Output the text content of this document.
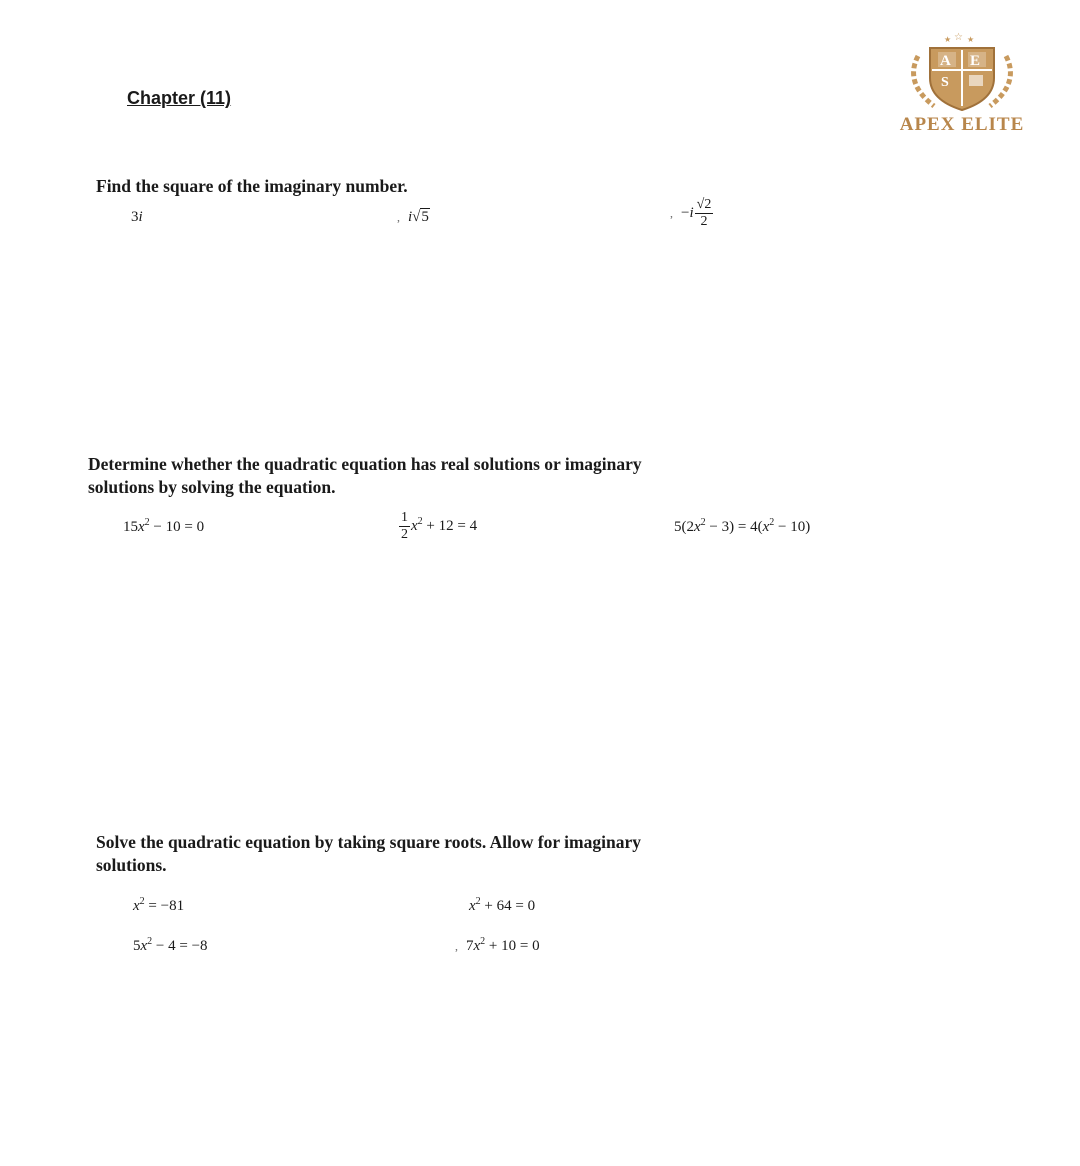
Chapter (11)
★ ☆ ★
A E
S
APEX ELITE
Find the square of the imaginary number.
3i	, i√5	, $-i \frac{√2}{2}$
Determine whether the quadratic equation has real solutions or imaginary
solutions by solving the equation.
$15x^2 - 10 = 0$	$\frac{1}{2} x^2 + 12 = 4$	$5(2x^2 - 3) = 4(x^2 - 10)$
Solve the quadratic equation by taking square roots. Allow for imaginary
solutions.
$x^2 = -81$	$x^2 + 64 = 0$
$5x^2 - 4 = -8$	, $7x^2 + 10 = 0$
